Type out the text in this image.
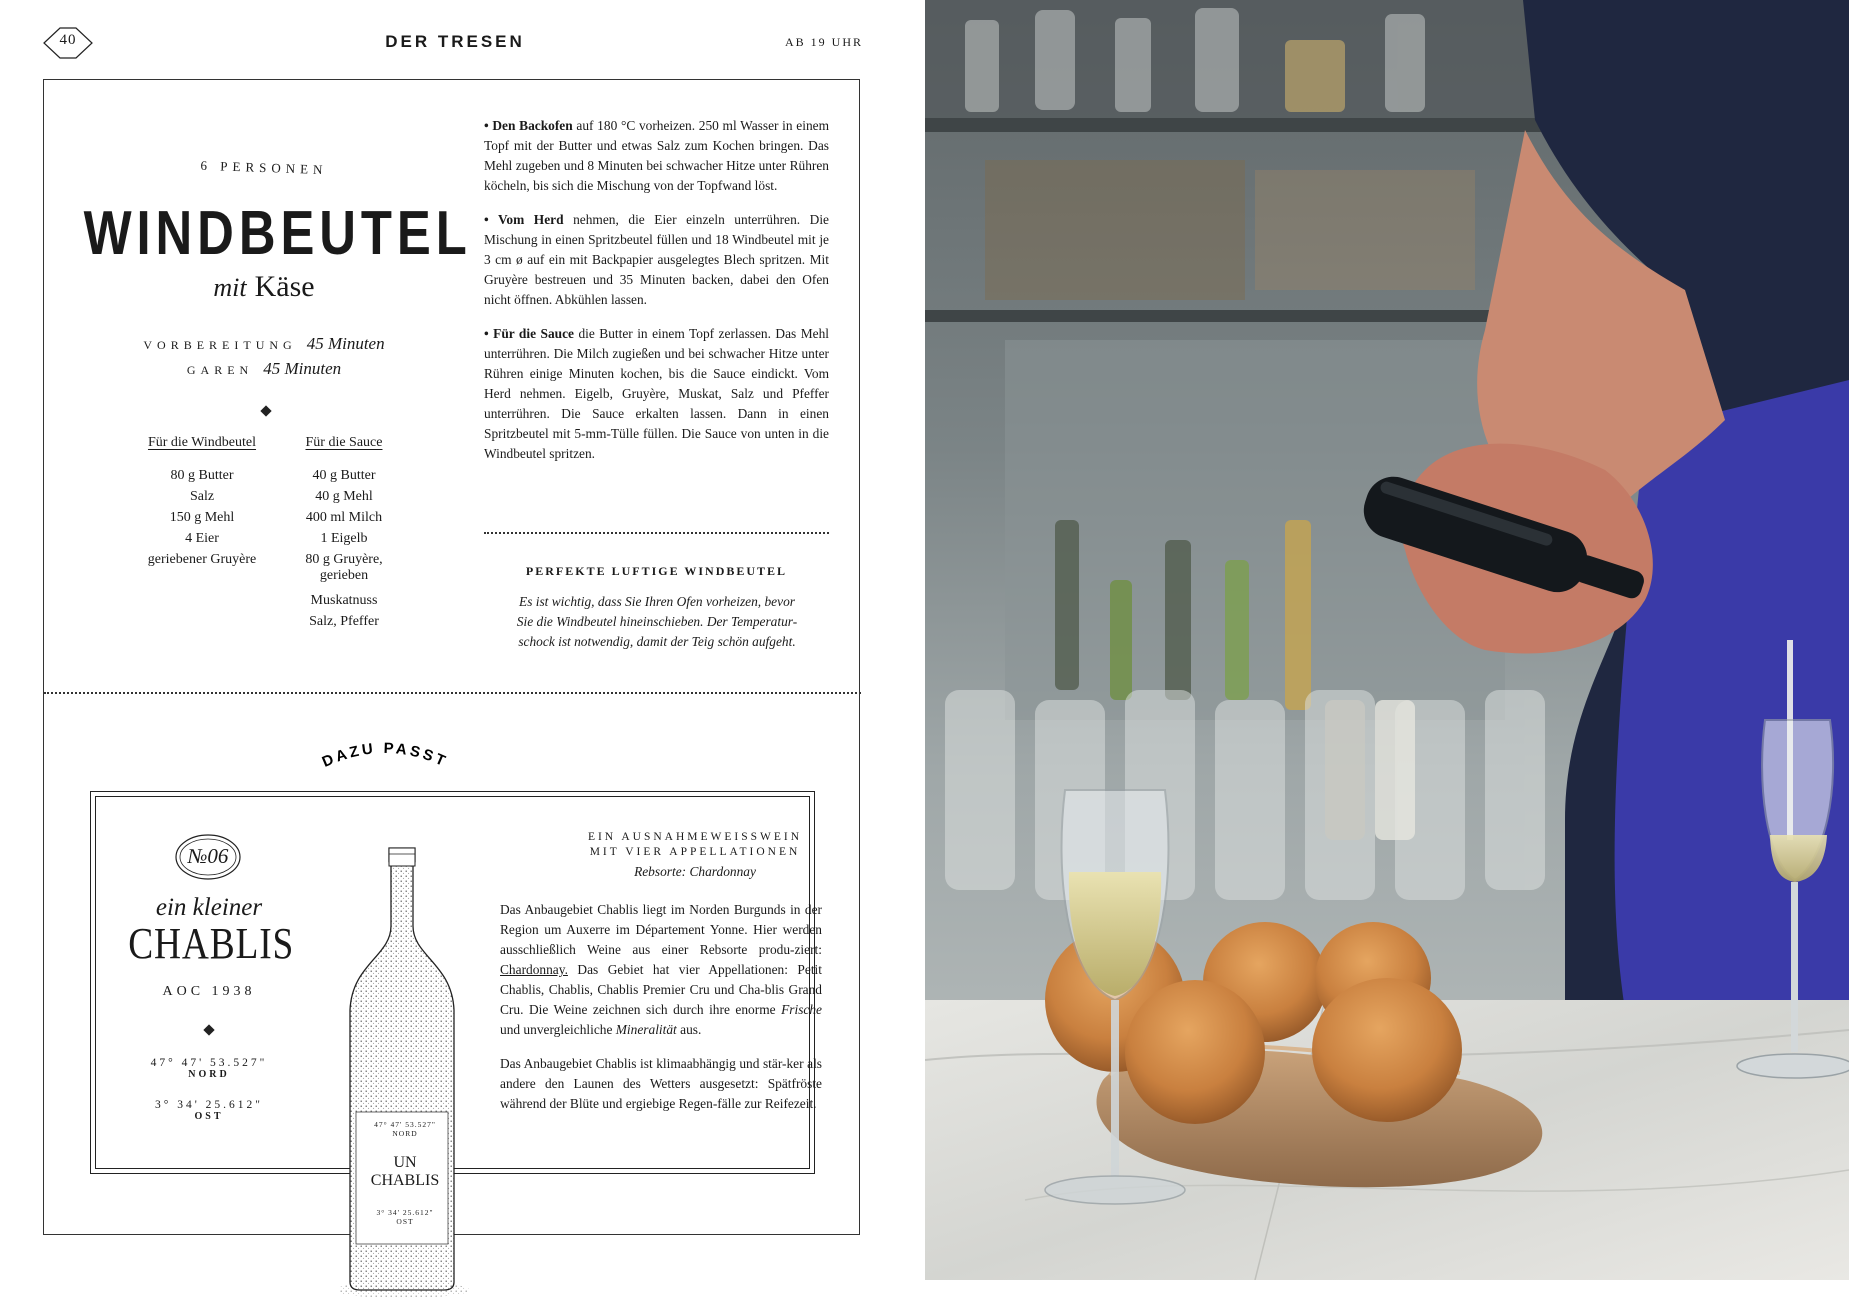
40	DER TRESEN	AB 19 UHR
6 PERSONEN
WINDBEUTEL
mit Käse
VORBEREITUNG 45 Minuten
GAREN 45 Minuten
Für die Windbeutel
80 g Butter
Salz
150 g Mehl
4 Eier
geriebener Gruyère
Für die Sauce
40 g Butter
40 g Mehl
400 ml Milch
1 Eigelb
80 g Gruyère, gerieben
Muskatnuss
Salz, Pfeffer

• Den Backofen auf 180 °C vorheizen. 250 ml Wasser in einem Topf mit der Butter und etwas Salz zum Kochen bringen. Das Mehl zugeben und 8 Minuten bei schwacher Hitze unter Rühren köcheln, bis sich die Mischung von der Topfwand löst.

• Vom Herd nehmen, die Eier einzeln unterrühren. Die Mischung in einen Spritzbeutel füllen und 18 Windbeutel mit je 3 cm ø auf ein mit Backpapier ausgelegtes Blech spritzen. Mit Gruyère bestreuen und 35 Minuten backen, dabei den Ofen nicht öffnen. Abkühlen lassen.

• Für die Sauce die Butter in einem Topf zerlassen. Das Mehl unterrühren. Die Milch zugießen und bei schwacher Hitze unter Rühren einige Minuten kochen, bis die Sauce eindickt. Vom Herd nehmen. Eigelb, Gruyère, Muskat, Salz und Pfeffer unterrühren. Die Sauce erkalten lassen. Dann in einen Spritzbeutel mit 5-mm-Tülle füllen. Die Sauce von unten in die Windbeutel spritzen.

PERFEKTE LUFTIGE WINDBEUTEL
Es ist wichtig, dass Sie Ihren Ofen vorheizen, bevor Sie die Windbeutel hineinschieben. Der Temperatur-schock ist notwendig, damit der Teig schön aufgeht.
DAZU PASST
№06
ein kleiner
CHABLIS
AOC 1938
47° 47' 53.527"
NORD
3° 34' 25.612"
OST
47° 47' 53.527"
NORD
UN
CHABLIS
3° 34' 25.612"
OST
EIN AUSNAHMEWEISSWEIN
MIT VIER APPELLATIONEN
Rebsorte: Chardonnay

Das Anbaugebiet Chablis liegt im Norden Burgunds in der Region um Auxerre im Département Yonne. Hier werden ausschließlich Weine aus einer Rebsorte produ-ziert: Chardonnay. Das Gebiet hat vier Appellationen: Petit Chablis, Chablis, Chablis Premier Cru und Cha-blis Grand Cru. Die Weine zeichnen sich durch ihre enorme Frische und unvergleichliche Mineralität aus.

Das Anbaugebiet Chablis ist klimaabhängig und stär-ker als andere den Launen des Wetters ausgesetzt: Spätfröste während der Blüte und ergiebige Regen-fälle zur Reifezeit.
